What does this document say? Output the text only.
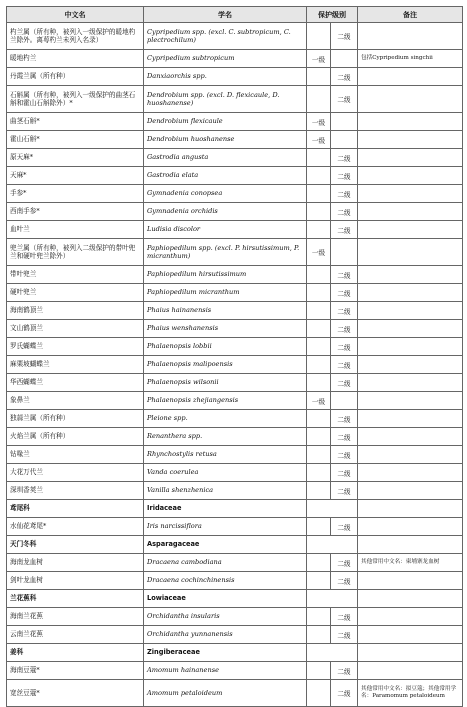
中文名	学名	保护级别		备注
杓兰属（所有种，被列入一级保护的暖地杓兰除外。离萼杓兰未列入名录）	Cypripedium spp. (excl. C. subtropicum, C. plectrochilum)		二级	
暖地杓兰	Cypripedium subtropicum	一级		包括Cypripedium singchii
丹霞兰属（所有种）	Danxiaorchis spp.		二级	
石斛属（所有种，被列入一级保护的曲茎石斛和霍山石斛除外）*	Dendrobium spp. (excl. D. flexicaule, D. huoshanense)		二级	
曲茎石斛*	Dendrobium flexicaule	一级		
霍山石斛*	Dendrobium huoshanense	一级		
原天麻*	Gastrodia angusta		二级	
天麻*	Gastrodia elata		二级	
手参*	Gymnadenia conopsea		二级	
西南手参*	Gymnadenia orchidis		二级	
血叶兰	Ludisia discolor		二级	
兜兰属（所有种，被列入二级保护的带叶兜兰和硬叶兜兰除外）	Paphiopedilum spp. (excl. P. hirsutissimum, P. micranthum)	一级		
带叶兜兰	Paphiopedilum hirsutissimum		二级	
硬叶兜兰	Paphiopedilum micranthum		二级	
海南鹤顶兰	Phaius hainanensis		二级	
文山鹤顶兰	Phaius wenshanensis		二级	
罗氏蝴蝶兰	Phalaenopsis lobbii		二级	
麻栗坡蝴蝶兰	Phalaenopsis malipoensis		二级	
华西蝴蝶兰	Phalaenopsis wilsonii		二级	
象鼻兰	Phalaenopsis zhejiangensis	一级		
独蒜兰属（所有种）	Pleione spp.		二级	
火焰兰属（所有种）	Renanthera spp.		二级	
钻喙兰	Rhynchostylis retusa		二级	
大花万代兰	Vanda coerulea		二级	
深圳香荚兰	Vanilla shenzhenica		二级	
鸢尾科	Iridaceae			
水仙花鸢尾*	Iris narcissiflora		二级	
天门冬科	Asparagaceae			
海南龙血树	Dracaena cambodiana		二级	其他常用中文名：柬埔寨龙血树
剑叶龙血树	Dracaena cochinchinensis		二级	
兰花蕉科	Lowiaceae			
海南兰花蕉	Orchidantha insularis		二级	
云南兰花蕉	Orchidantha yunnanensis		二级	
姜科	Zingiberaceae			
海南豆蔻*	Amomum hainanense		二级	
宽丝豆蔻*	Amomum petaloideum		二级	其他常用中文名：拟豆蔻；其他常用学名：Paramomum petaloideum
